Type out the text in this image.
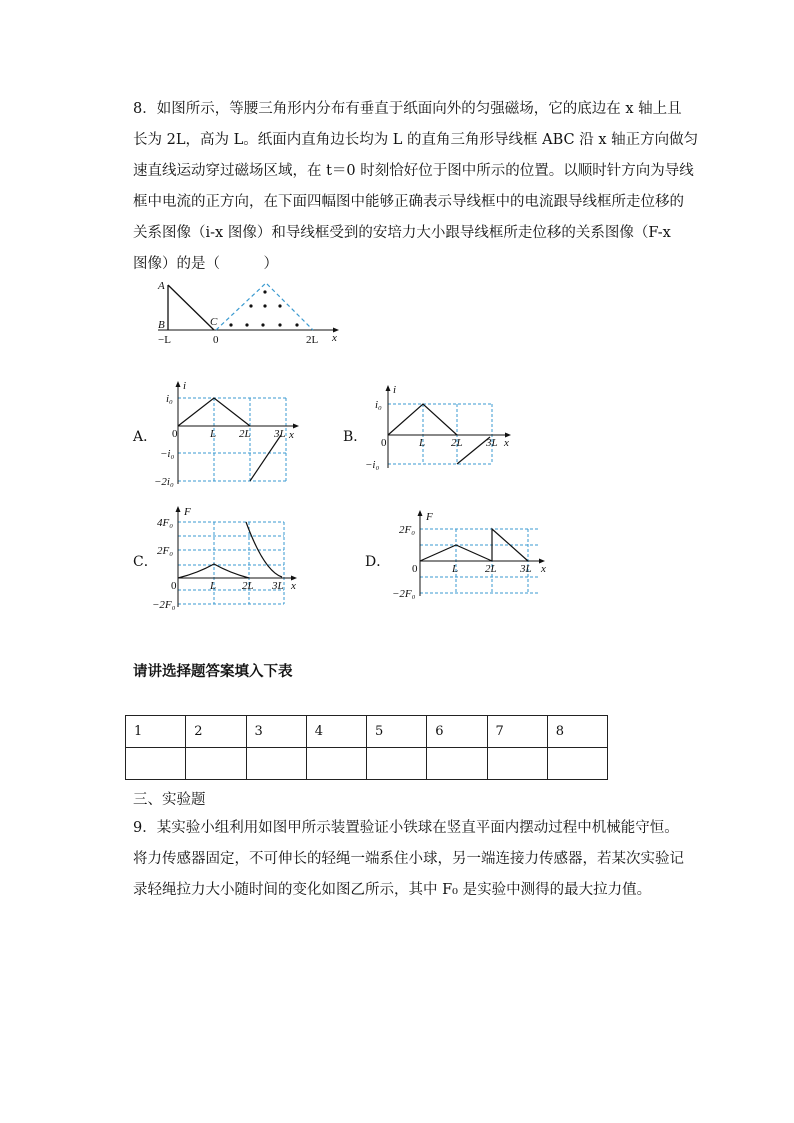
8．如图所示，等腰三角形内分布有垂直于纸面向外的匀强磁场，它的底边在 x 轴上且
长为 2L，高为 L。纸面内直角边长均为 L 的直角三角形导线框 ABC 沿 x 轴正方向做匀
速直线运动穿过磁场区域，在 t＝0 时刻恰好位于图中所示的位置。以顺时针方向为导线
框中电流的正方向，在下面四幅图中能够正确表示导线框中的电流跟导线框所走位移的
关系图像（i-x 图像）和导线框受到的安培力大小跟导线框所走位移的关系图像（F-x
图像）的是（　　　）
A
B	C
−L	0	2L x
A．
i
x
0	L 2L 3L
i₀
−i₀
−2i₀
B．
i
x
0	L 2L 3L
i₀
−i₀
C．
F
x
0	L 2L 3L
4F₀
2F₀
−2F₀
D．
F
x
0	L 2L 3L
2F₀
−2F₀
请讲选择题答案填入下表
1	2	3	4	5	6	7	8

三、实验题
9．某实验小组利用如图甲所示装置验证小铁球在竖直平面内摆动过程中机械能守恒。
将力传感器固定，不可伸长的轻绳一端系住小球，另一端连接力传感器，若某次实验记
录轻绳拉力大小随时间的变化如图乙所示，其中 F₀ 是实验中测得的最大拉力值。
